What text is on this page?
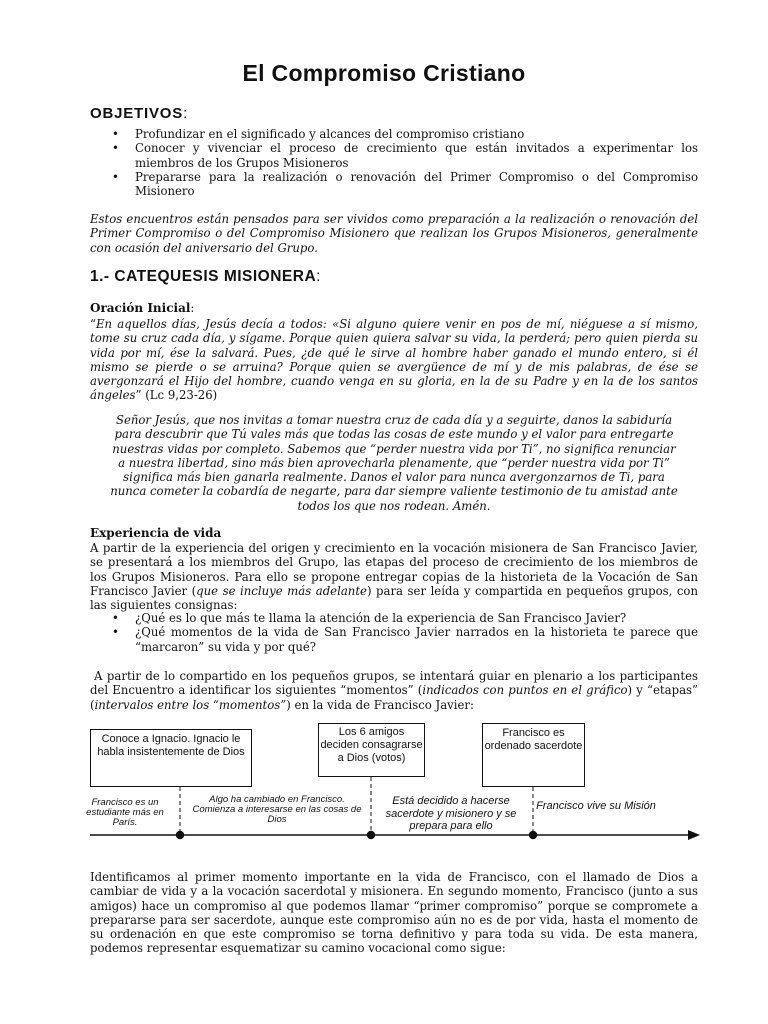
El Compromiso Cristiano
OBJETIVOS:
• Profundizar en el significado y alcances del compromiso cristiano
• Conocer y vivenciar el proceso de crecimiento que están invitados a experimentar los miembros de los Grupos Misioneros
• Prepararse para la realización o renovación del Primer Compromiso o del Compromiso Misionero

Estos encuentros están pensados para ser vividos como preparación a la realización o renovación del Primer Compromiso o del Compromiso Misionero que realizan los Grupos Misioneros, generalmente con ocasión del aniversario del Grupo.

1.- CATEQUESIS MISIONERA:
Oración Inicial:

“En aquellos días, Jesús decía a todos: «Si alguno quiere venir en pos de mí, niéguese a sí mismo, tome su cruz cada día, y sígame. Porque quien quiera salvar su vida, la perderá; pero quien pierda su vida por mí, ése la salvará. Pues, ¿de qué le sirve al hombre haber ganado el mundo entero, si él mismo se pierde o se arruina? Porque quien se avergüence de mí y de mis palabras, de ése se avergonzará el Hijo del hombre, cuando venga en su gloria, en la de su Padre y en la de los santos ángeles” (Lc 9,23-26)

Señor Jesús, que nos invitas a tomar nuestra cruz de cada día y a seguirte, danos la sabiduría para descubrir que Tú vales más que todas las cosas de este mundo y el valor para entregarte nuestras vidas por completo. Sabemos que “perder nuestra vida por Ti”, no significa renunciar a nuestra libertad, sino más bien aprovecharla plenamente, que “perder nuestra vida por Ti” significa más bien ganarla realmente. Danos el valor para nunca avergonzarnos de Ti, para nunca cometer la cobardía de negarte, para dar siempre valiente testimonio de tu amistad ante todos los que nos rodean. Amén.

Experiencia de vida

A partir de la experiencia del origen y crecimiento en la vocación misionera de San Francisco Javier, se presentará a los miembros del Grupo, las etapas del proceso de crecimiento de los miembros de los Grupos Misioneros. Para ello se propone entregar copias de la historieta de la Vocación de San Francisco Javier (que se incluye más adelante) para ser leída y compartida en pequeños grupos, con las siguientes consignas:

• ¿Qué es lo que más te llama la atención de la experiencia de San Francisco Javier?
• ¿Qué momentos de la vida de San Francisco Javier narrados en la historieta te parece que “marcaron” su vida y por qué?

A partir de lo compartido en los pequeños grupos, se intentará guiar en plenario a los participantes del Encuentro a identificar los siguientes “momentos” (indicados con puntos en el gráfico) y “etapas” (intervalos entre los “momentos”) en la vida de Francisco Javier:

Conoce a Ignacio. Ignacio le habla insistentemente de Dios
Los 6 amigos deciden consagrarse a Dios (votos)
Francisco es ordenado sacerdote
Francisco es un estudiante más en París.
Algo ha cambiado en Francisco. Comienza a interesarse en las cosas de Dios
Está decidido a hacerse sacerdote y misionero y se prepara para ello
Francisco vive su Misión

Identificamos al primer momento importante en la vida de Francisco, con el llamado de Dios a cambiar de vida y a la vocación sacerdotal y misionera. En segundo momento, Francisco (junto a sus amigos) hace un compromiso al que podemos llamar “primer compromiso” porque se compromete a prepararse para ser sacerdote, aunque este compromiso aún no es de por vida, hasta el momento de su ordenación en que este compromiso se torna definitivo y para toda su vida. De esta manera, podemos representar esquematizar su camino vocacional como sigue:
